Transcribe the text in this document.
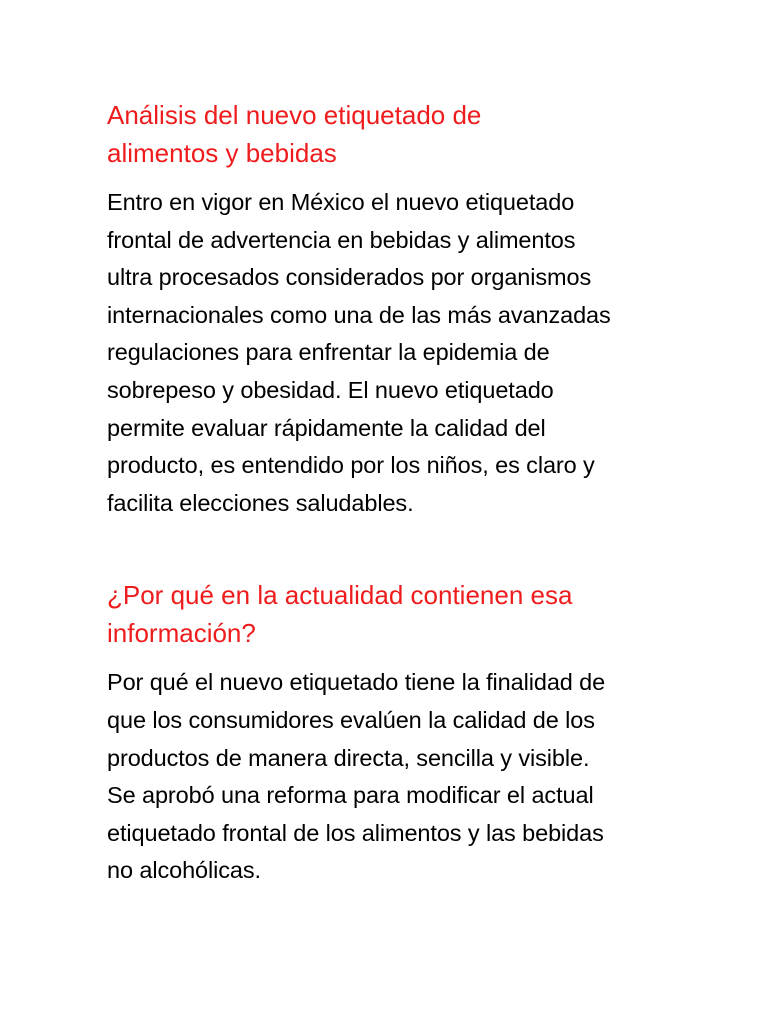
Análisis del nuevo etiquetado de
alimentos y bebidas

Entro en vigor en México el nuevo etiquetado
frontal de advertencia en bebidas y alimentos
ultra procesados considerados por organismos
internacionales como una de las más avanzadas
regulaciones para enfrentar la epidemia de
sobrepeso y obesidad. El nuevo etiquetado
permite evaluar rápidamente la calidad del
producto, es entendido por los niños, es claro y
facilita elecciones saludables.

¿Por qué en la actualidad contienen esa
información?

Por qué el nuevo etiquetado tiene la finalidad de
que los consumidores evalúen la calidad de los
productos de manera directa, sencilla y visible.
Se aprobó una reforma para modificar el actual
etiquetado frontal de los alimentos y las bebidas
no alcohólicas.
